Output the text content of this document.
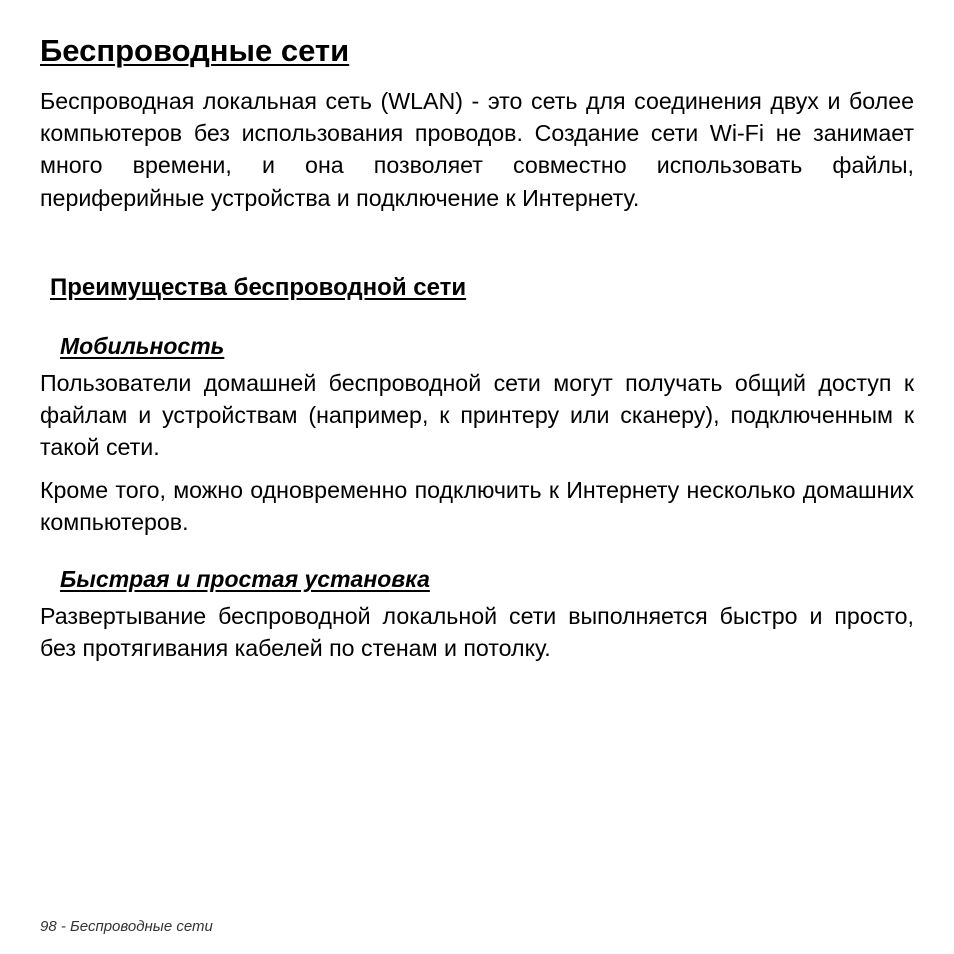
Беспроводные сети

Беспроводная локальная сеть (WLAN) - это сеть для соединения двух и более компьютеров без использования проводов. Создание сети Wi-Fi не занимает много времени, и она позволяет совместно использовать файлы, периферийные устройства и подключение к Интернету.

Преимущества беспроводной сети
Мобильность

Пользователи домашней беспроводной сети могут получать общий доступ к файлам и устройствам (например, к принтеру или сканеру), подключенным к такой сети.

Кроме того, можно одновременно подключить к Интернету несколько домашних компьютеров.

Быстрая и простая установка

Развертывание беспроводной локальной сети выполняется быстро и просто, без протягивания кабелей по стенам и потолку.

98 - Беспроводные сети
